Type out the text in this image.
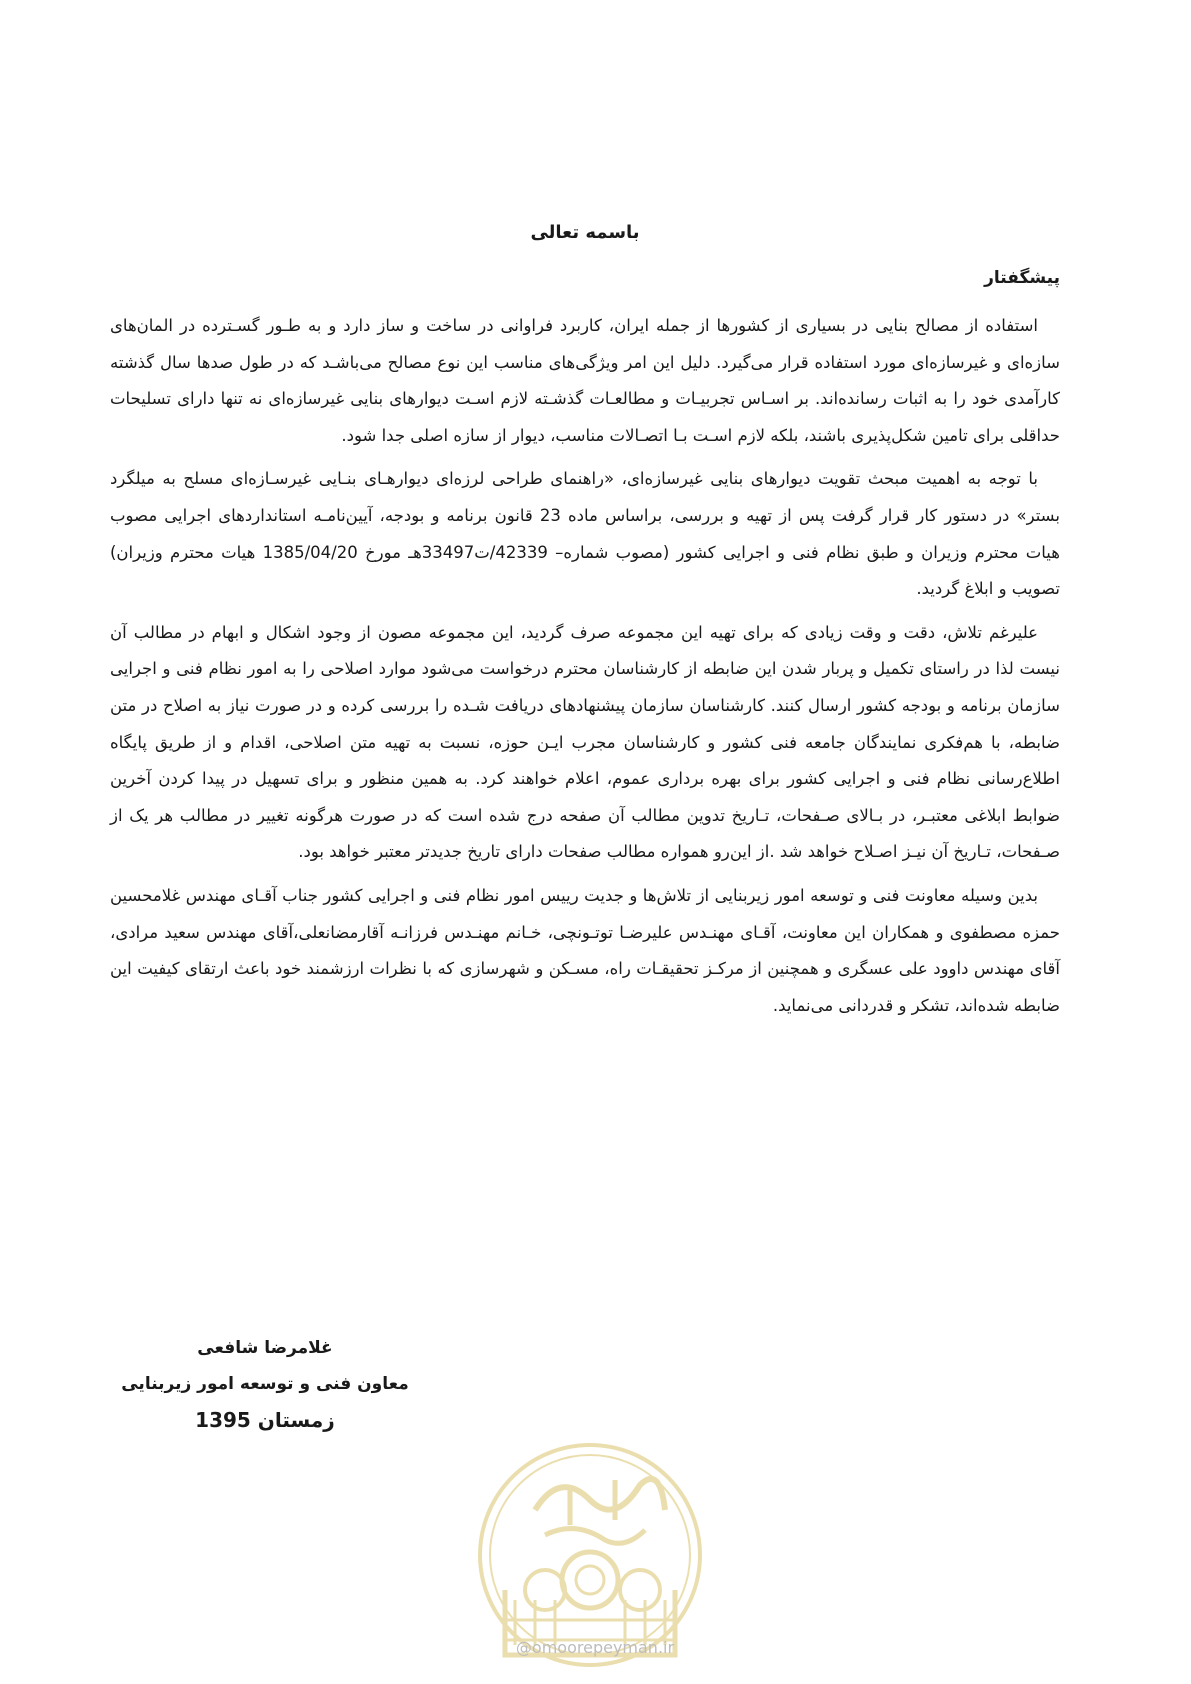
باسمه تعالی
پیشگفتار

استفاده از مصالح بنایی در بسیاری از کشورها از جمله ایران، کاربرد فراوانی در ساخت و ساز دارد و به طـور گسـترده در المان‌های سازه‌ای و غیرسازه‌ای مورد استفاده قرار می‌گیرد. دلیل این امر ویژگی‌های مناسب این نوع مصالح می‌باشـد که در طول صدها سال گذشته کارآمدی خود را به اثبات رسانده‌اند. بر اسـاس تجربیـات و مطالعـات گذشـته لازم اسـت دیوارهای بنایی غیرسازه‌ای نه تنها دارای تسلیحات حداقلی برای تامین شکل‌پذیری باشند، بلکه لازم اسـت بـا اتصـالات مناسب، دیوار از سازه اصلی جدا شود.

با توجه به اهمیت مبحث تقویت دیوارهای بنایی غیرسازه‌ای، «راهنمای طراحی لرزه‌ای دیوارهـای بنـایی غیرسـازه‌ای مسلح به میلگرد بستر» در دستور کار قرار گرفت پس از تهیه و بررسی، براساس ماده 23 قانون برنامه و بودجه، آیین‌نامـه استانداردهای اجرایی مصوب هیات محترم وزیران و طبق نظام فنی و اجرایی کشور (مصوب شماره– 42339/ت33497هـ مورخ 1385/04/20 هیات محترم وزیران) تصویب و ابلاغ گردید.

علیرغم تلاش، دقت و وقت زیادی که برای تهیه این مجموعه صرف گردید، این مجموعه مصون از وجود اشکال و ابهام در مطالب آن نیست لذا در راستای تکمیل و پربار شدن این ضابطه از کارشناسان محترم درخواست می‌شود موارد اصلاحی را به امور نظام فنی و اجرایی سازمان برنامه و بودجه کشور ارسال کنند. کارشناسان سازمان پیشنهادهای دریافت شـده را بررسی کرده و در صورت نیاز به اصلاح در متن ضابطه، با هم‌فکری نمایندگان جامعه فنی کشور و کارشناسان مجرب ایـن حوزه، نسبت به تهیه متن اصلاحی، اقدام و از طریق پایگاه اطلاع‌رسانی نظام فنی و اجرایی کشور برای بهره برداری عموم، اعلام خواهند کرد. به همین منظور و برای تسهیل در پیدا کردن آخرین ضوابط ابلاغی معتبـر، در بـالای صـفحات، تـاریخ تدوین مطالب آن صفحه درج شده است که در صورت هرگونه تغییر در مطالب هر یک از صـفحات، تـاریخ آن نیـز اصـلاح خواهد شد .از این‌رو همواره مطالب صفحات دارای تاریخ جدیدتر معتبر خواهد بود.

بدین وسیله معاونت فنی و توسعه امور زیربنایی از تلاش‌ها و جدیت رییس امور نظام فنی و اجرایی کشور جناب آقـای مهندس غلامحسین حمزه مصطفوی و همکاران این معاونت، آقـای مهنـدس علیرضـا توتـونچی، خـانم مهنـدس فرزانـه آقارمضانعلی،آقای مهندس سعید مرادی، آقای مهندس داوود علی عسگری و همچنین از مرکـز تحقیقـات راه، مسـکن و شهرسازی که با نظرات ارزشمند خود باعث ارتقای کیفیت این ضابطه شده‌اند، تشکر و قدردانی می‌نماید.

غلامرضا شافعی
معاون فنی و توسعه امور زیربنایی
زمستان 1395
@omoorepeyman.ir
